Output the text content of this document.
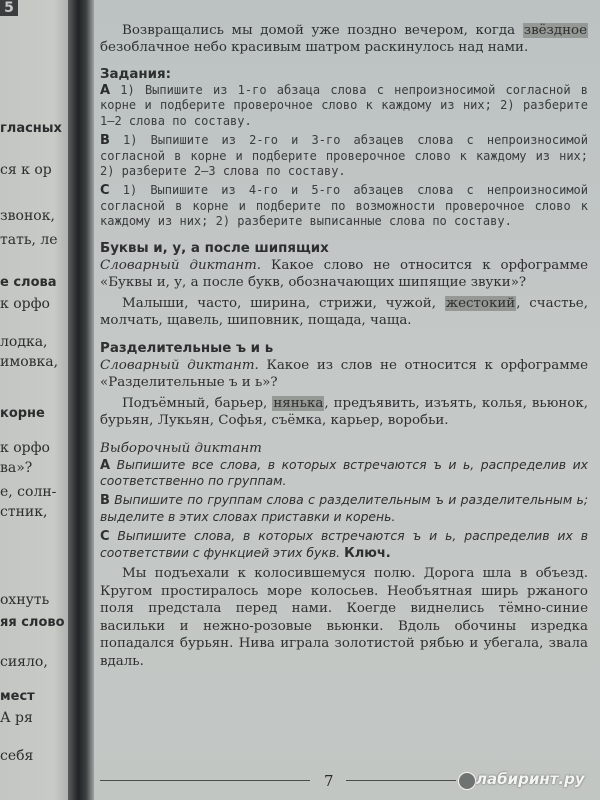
5
гласных
ся к ор
звонок,
тать, ле
е слова
к орфо
лодка,
имовка,
корне
к орфо
ва»?
е, солн-
стник,
охнуть
яя слово
сияло,
мест
А ря
себя

Возвращались мы домой уже поздно вечером, когда звёздное безоблачное небо красивым шатром раскинулось над нами.

Задания:

А 1) Выпишите из 1-го абзаца слова с непроизносимой согласной в корне и подберите проверочное слово к каждому из них; 2) разберите 1—2 слова по составу.

В 1) Выпишите из 2-го и 3-го абзацев слова с непроизносимой согласной в корне и подберите проверочное слово к каждому из них; 2) разберите 2—3 слова по составу.

С 1) Выпишите из 4-го и 5-го абзацев слова с непроизносимой согласной в корне и подберите по возможности проверочное слово к каждому из них; 2) разберите выписанные слова по составу.

Буквы и, у, а после шипящих

Словарный диктант. Какое слово не относится к орфограмме «Буквы и, у, а после букв, обозначающих шипящие звуки»?

Малыши, часто, ширина, стрижи, чужой, жестокий, счастье, молчать, щавель, шиповник, пощада, чаща.

Разделительные ъ и ь

Словарный диктант. Какое из слов не относится к орфограмме «Разделительные ъ и ь»?

Подъёмный, барьер, нянька, предъявить, изъять, колья, вьюнок, бурьян, Лукьян, Софья, съёмка, карьер, воробьи.

Выборочный диктант

А Выпишите все слова, в которых встречаются ъ и ь, распределив их соответственно по группам.

В Выпишите по группам слова с разделительным ъ и разделительным ь; выделите в этих словах приставки и корень.

С Выпишите слова, в которых встречаются ъ и ь, распределив их в соответствии с функцией этих букв. Ключ.

Мы подъехали к колосившемуся полю. Дорога шла в объезд. Кругом простиралось море колосьев. Необъятная ширь ржаного поля предстала перед нами. Коегде виднелись тёмно-синие васильки и нежно-розовые вьюнки. Вдоль обочины изредка попадался бурьян. Нива играла золотистой рябью и убегала, звала вдаль.

7	лабиринт.ру
